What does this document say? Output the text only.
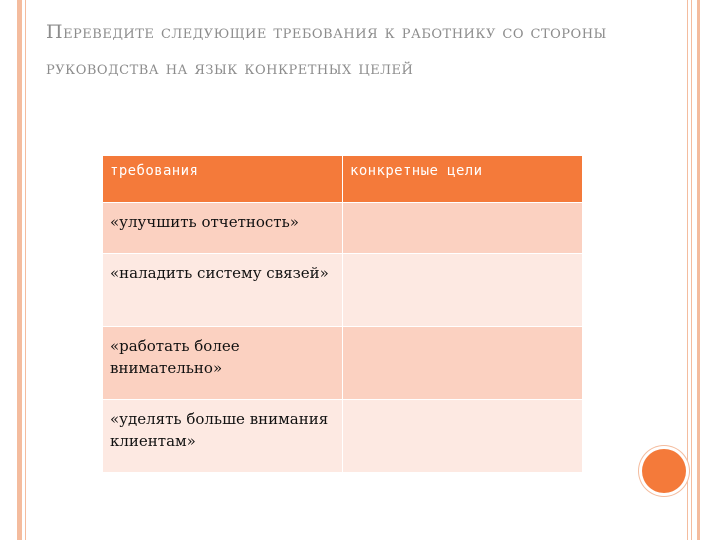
Переведите следующие требования к работнику со стороны руководства на язык конкретных целей
требования	конкретные цели
«улучшить отчетность»	
«наладить систему связей»	
«работать более внимательно»	
«уделять больше внимания клиентам»	
